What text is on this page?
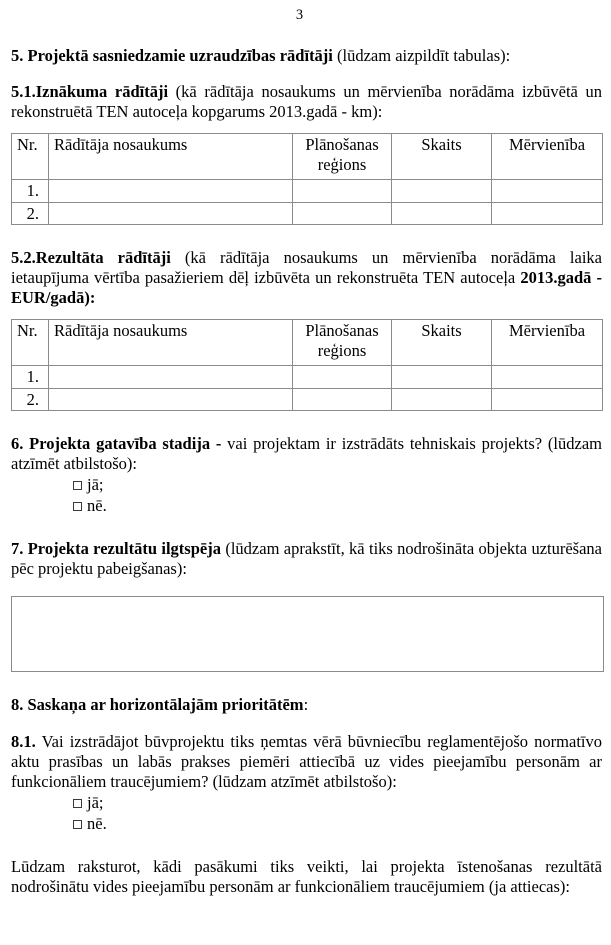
3

5. Projektā sasniedzamie uzraudzības rādītāji (lūdzam aizpildīt tabulas):

5.1.Iznākuma rādītāji (kā rādītāja nosaukums un mērvienība norādāma izbūvētā un rekonstruētā TEN autoceļa kopgarums 2013.gadā - km):

Nr.	Rādītāja nosaukums	Plānošanas reģions	Skaits	Mērvienība
1.				
2.				

5.2.Rezultāta rādītāji (kā rādītāja nosaukums un mērvienība norādāma laika ietaupījuma vērtība pasažieriem dēļ izbūvēta un rekonstruēta TEN autoceļa 2013.gadā - EUR/gadā):

Nr.	Rādītāja nosaukums	Plānošanas reģions	Skaits	Mērvienība
1.				
2.				

6. Projekta gatavība stadija - vai projektam ir izstrādāts tehniskais projekts? (lūdzam atzīmēt atbilstošo):

jā;
nē.

7. Projekta rezultātu ilgtspēja (lūdzam aprakstīt, kā tiks nodrošināta objekta uzturēšana pēc projektu pabeigšanas):

8. Saskaņa ar horizontālajām prioritātēm:

8.1. Vai izstrādājot būvprojektu tiks ņemtas vērā būvniecību reglamentējošo normatīvo aktu prasības un labās prakses piemēri attiecībā uz vides pieejamību personām ar funkcionāliem traucējumiem? (lūdzam atzīmēt atbilstošo):

jā;
nē.

Lūdzam raksturot, kādi pasākumi tiks veikti, lai projekta īstenošanas rezultātā nodrošinātu vides pieejamību personām ar funkcionāliem traucējumiem (ja attiecas):
